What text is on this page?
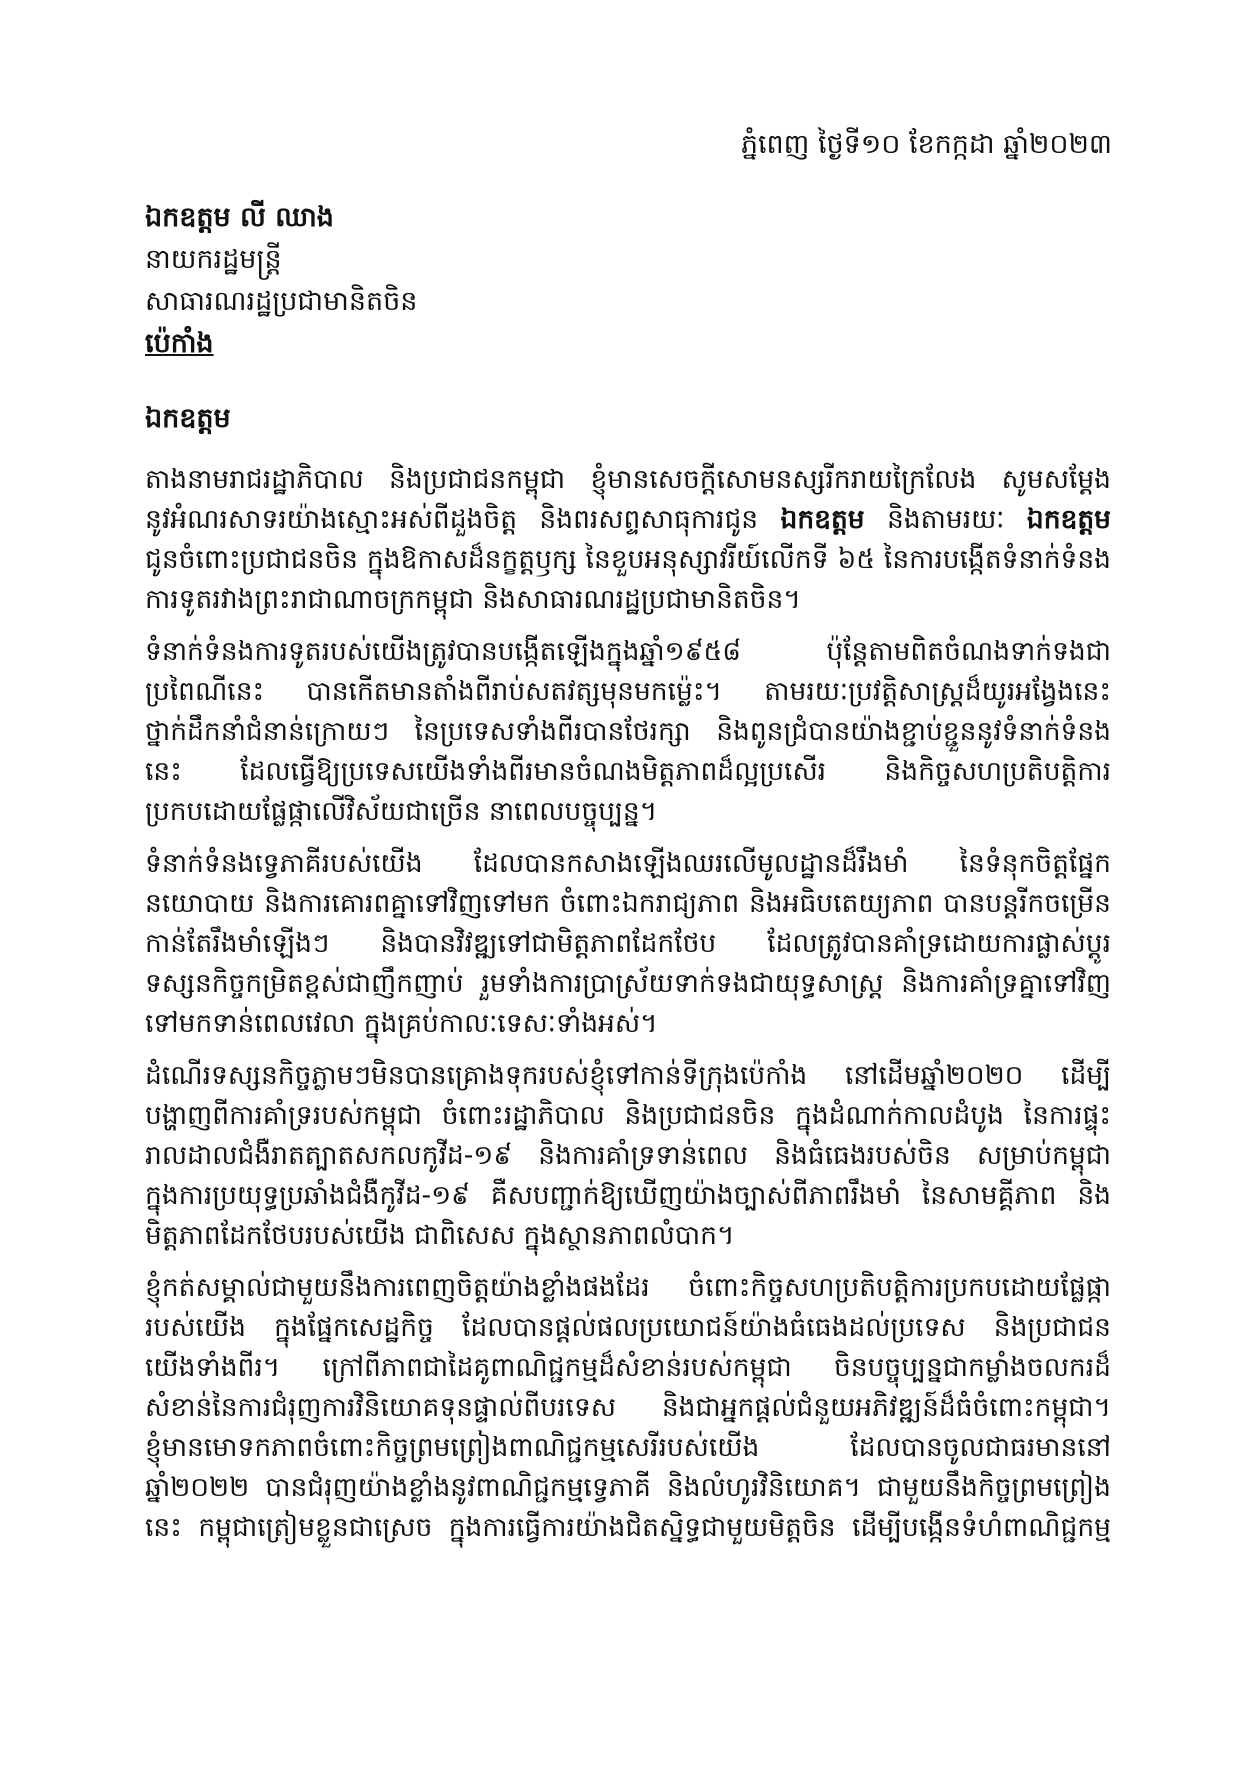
ភ្នំពេញ ថ្ងៃទី១០ ខែកក្កដា ឆ្នាំ២០២៣
ឯកឧត្តម លី ឈាង
នាយករដ្ឋមន្ត្រី
សាធារណរដ្ឋប្រជាមានិតចិន
ប៉េកាំង
ឯកឧត្តម
តាងនាមរាជរដ្ឋាភិបាល និងប្រជាជនកម្ពុជា ខ្ញុំមានសេចក្តីសោមនស្សរីករាយក្រៃលែង សូមសម្តែង
នូវអំណរសាទរយ៉ាងស្មោះអស់ពីដួងចិត្ត និងពរសព្ទសាធុការជូន ឯកឧត្តម និងតាមរយៈ ឯកឧត្តម
ជូនចំពោះប្រជាជនចិន ក្នុងឱកាសដ៏នក្ខត្តឫក្ស នៃខួបអនុស្សាវរីយ៍លើកទី ៦៥ នៃការបង្កើតទំនាក់ទំនង
ការទូតរវាងព្រះរាជាណាចក្រកម្ពុជា និងសាធារណរដ្ឋប្រជាមានិតចិន។
ទំនាក់ទំនងការទូតរបស់យើងត្រូវបានបង្កើតឡើងក្នុងឆ្នាំ១៩៥៨ ប៉ុន្តែតាមពិតចំណងទាក់ទងជា
ប្រពៃណីនេះ បានកើតមានតាំងពីរាប់សតវត្សមុនមកម្ល៉េះ។ តាមរយៈប្រវត្តិសាស្ត្រដ៏យូរអង្វែងនេះ
ថ្នាក់ដឹកនាំជំនាន់ក្រោយៗ នៃប្រទេសទាំងពីរបានថែរក្សា និងពូនជ្រំបានយ៉ាងខ្ជាប់ខ្ជួននូវទំនាក់ទំនង
នេះ ដែលធ្វើឱ្យប្រទេសយើងទាំងពីរមានចំណងមិត្តភាពដ៏ល្អប្រសើរ និងកិច្ចសហប្រតិបត្តិការ
ប្រកបដោយផ្លែផ្កាលើវិស័យជាច្រើន នាពេលបច្ចុប្បន្ន។
ទំនាក់ទំនងទ្វេភាគីរបស់យើង ដែលបានកសាងឡើងឈរលើមូលដ្ឋានដ៏រឹងមាំ នៃទំនុកចិត្តផ្នែក
នយោបាយ និងការគោរពគ្នាទៅវិញទៅមក ចំពោះឯករាជ្យភាព និងអធិបតេយ្យភាព បានបន្តរីកចម្រើន
កាន់តែរឹងមាំឡើងៗ និងបានវិវឌ្ឍទៅជាមិត្តភាពដែកថែប ដែលត្រូវបានគាំទ្រដោយការផ្លាស់ប្តូរ
ទស្សនកិច្ចកម្រិតខ្ពស់ជាញឹកញាប់ រួមទាំងការប្រាស្រ័យទាក់ទងជាយុទ្ធសាស្ត្រ និងការគាំទ្រគ្នាទៅវិញ
ទៅមកទាន់ពេលវេលា ក្នុងគ្រប់កាលៈទេសៈទាំងអស់។
ដំណើរទស្សនកិច្ចភ្លាមៗមិនបានគ្រោងទុករបស់ខ្ញុំទៅកាន់ទីក្រុងប៉េកាំង នៅដើមឆ្នាំ២០២០ ដើម្បី
បង្ហាញពីការគាំទ្ររបស់កម្ពុជា ចំពោះរដ្ឋាភិបាល និងប្រជាជនចិន ក្នុងដំណាក់កាលដំបូង នៃការផ្ទុះ
រាលដាលជំងឺរាតត្បាតសកលកូវីដ-១៩ និងការគាំទ្រទាន់ពេល និងធំធេងរបស់ចិន សម្រាប់កម្ពុជា
ក្នុងការប្រយុទ្ធប្រឆាំងជំងឺកូវីដ-១៩ គឺសបញ្ជាក់ឱ្យឃើញយ៉ាងច្បាស់ពីភាពរឹងមាំ នៃសាមគ្គីភាព និង
មិត្តភាពដែកថែបរបស់យើង ជាពិសេស ក្នុងស្ថានភាពលំបាក។
ខ្ញុំកត់សម្គាល់ជាមួយនឹងការពេញចិត្តយ៉ាងខ្លាំងផងដែរ ចំពោះកិច្ចសហប្រតិបត្តិការប្រកបដោយផ្លែផ្កា
របស់យើង ក្នុងផ្នែកសេដ្ឋកិច្ច ដែលបានផ្តល់ផលប្រយោជន៍យ៉ាងធំធេងដល់ប្រទេស និងប្រជាជន
យើងទាំងពីរ។ ក្រៅពីភាពជាដៃគូពាណិជ្ជកម្មដ៏សំខាន់របស់កម្ពុជា ចិនបច្ចុប្បន្នជាកម្លាំងចលករដ៏
សំខាន់នៃការជំរុញការវិនិយោគទុនផ្ទាល់ពីបរទេស និងជាអ្នកផ្តល់ជំនួយអភិវឌ្ឍន៍ដ៏ធំចំពោះកម្ពុជា។
ខ្ញុំមានមោទកភាពចំពោះកិច្ចព្រមព្រៀងពាណិជ្ជកម្មសេរីរបស់យើង ដែលបានចូលជាធរមាននៅ
ឆ្នាំ២០២២ បានជំរុញយ៉ាងខ្លាំងនូវពាណិជ្ជកម្មទ្វេភាគី និងលំហូរវិនិយោគ។ ជាមួយនឹងកិច្ចព្រមព្រៀង
នេះ កម្ពុជាត្រៀមខ្លួនជាស្រេច ក្នុងការធ្វើការយ៉ាងជិតស្និទ្ធជាមួយមិត្តចិន ដើម្បីបង្កើនទំហំពាណិជ្ជកម្ម
